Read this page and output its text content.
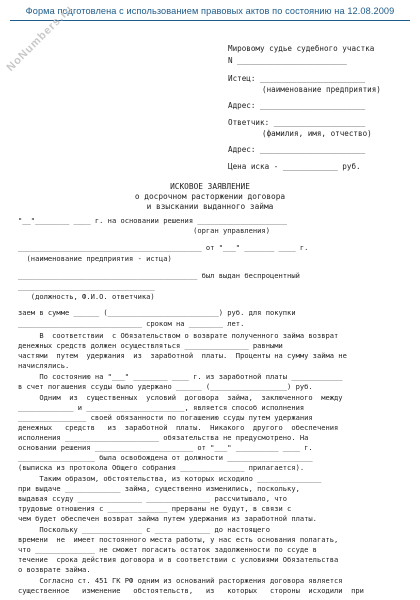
Форма подготовлена с использованием правовых актов по состоянию на 12.08.2009
NoNumbers.ru	Мировому судье судебного участка
N ________________________
Истец: _______________________
(наименование предприятия)
Адрес: _______________________
Ответчик: ____________________
(фамилия, имя, отчество)
Адрес: _______________________
Цена иска - ____________ руб.
ИСКОВОЕ ЗАЯВЛЕНИЕ
о досрочном расторжении договора
и взыскании выданного займа
"__"________ ____ г. на основании решения _____________________
(орган управления)
___________________________________________ от "___" _______ ____ г.
(наименование предприятия - истца)
__________________________________________ был выдан беспроцентный
________________________________
(должность, Ф.И.О. ответчика)
заем в сумме ______ (__________________________) руб. для покупки
_____________________________ сроком на ________ лет.
В  соответствии  с Обязательством о возврате полученного займа возврат
денежных средств должен осуществляться _______________ равными
частями  путем  удержания  из  заработной  платы.  Проценты на сумму займа не
начислялись.
По состоянию на "___" ________ ____ г. из заработной платы ____________
в счет погашения ссуды было удержано ______ (__________________) руб.
Одним  из  существенных  условий  договора  займа,  заключенного  между
_____________ и _______________________, является способ исполнения
________________ своей обязанности по погашению ссуды путем удержания
денежных   средств   из  заработной  платы.  Никакого  другого  обеспечения
исполнения ______________________ обязательства не предусмотрено. На
основании решения _______________________ от "___" __________ ____ г.
__________________ была освобождена от должности ____________________
(выписка из протокола Общего собрания _______________ прилагается).
Таким образом, обстоятельства, из которых исходило _______________
при выдаче _____________ займа, существенно изменились, поскольку,
выдавая ссуду _______________ _______________ рассчитывало, что
трудовые отношения с ______________ прерваны не будут, в связи с
чем будет обеспечен возврат займа путем удержания из заработной платы.
Поскольку ______________ с _____________ до настоящего
времени  не  имеет постоянного места работы, у нас есть основания полагать,
что ______________ не сможет погасить остаток задолженности по ссуде в
течение  срока действия договора и в соответствии с условиями Обязательства
о возврате займа.
Согласно ст. 451 ГК РФ одним из оснований расторжения договора является
существенное   изменение   обстоятельств,   из   которых   стороны  исходили  при
